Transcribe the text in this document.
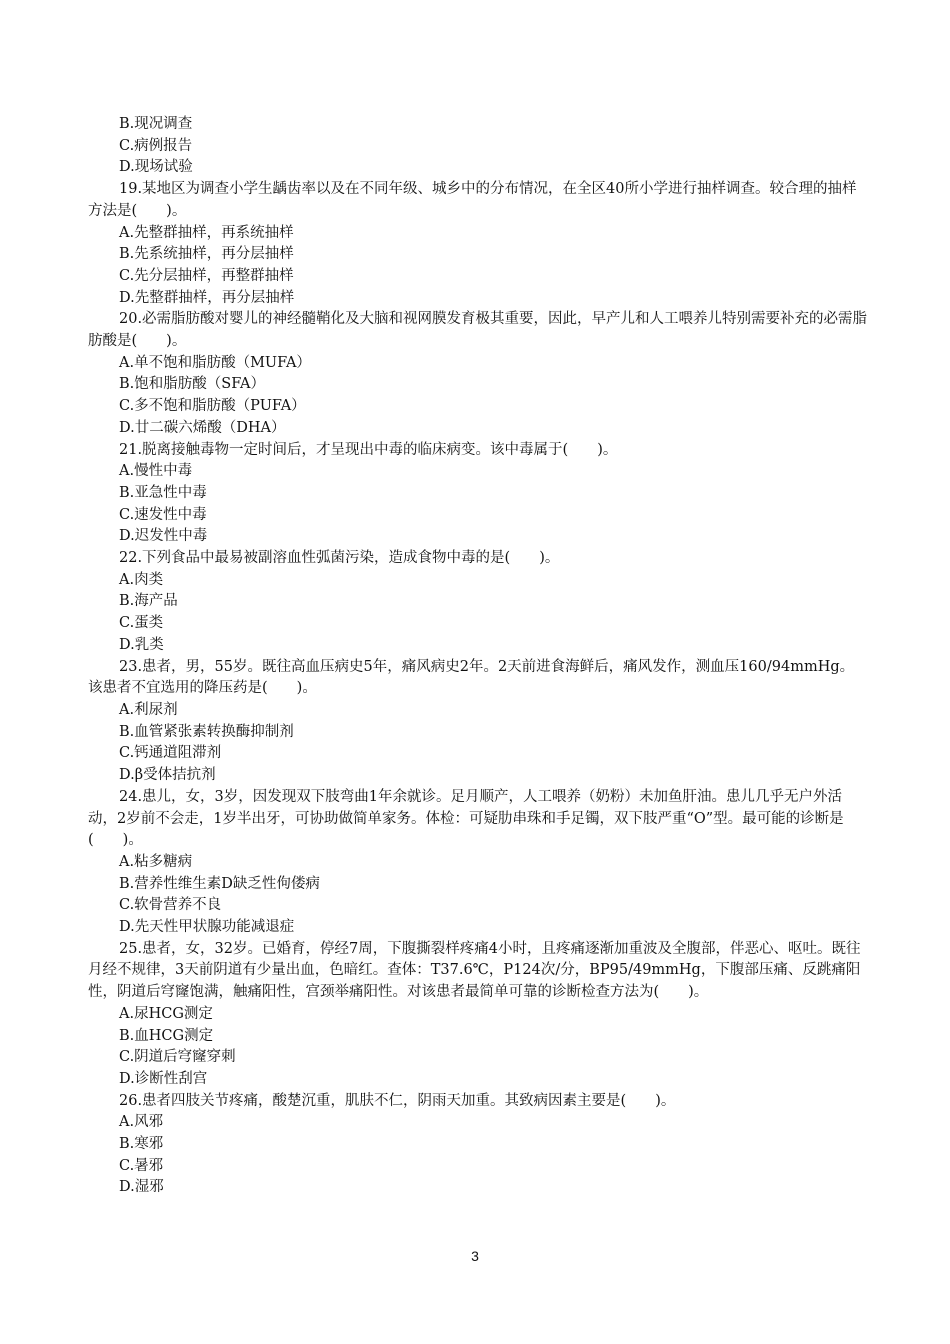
B.现况调查
C.病例报告
D.现场试验
19.某地区为调查小学生龋齿率以及在不同年级、城乡中的分布情况，在全区40所小学进行抽样调查。较合理的抽样方法是(　　)。
A.先整群抽样，再系统抽样
B.先系统抽样，再分层抽样
C.先分层抽样，再整群抽样
D.先整群抽样，再分层抽样
20.必需脂肪酸对婴儿的神经髓鞘化及大脑和视网膜发育极其重要，因此，早产儿和人工喂养儿特别需要补充的必需脂肪酸是(　　)。
A.单不饱和脂肪酸（MUFA）
B.饱和脂肪酸（SFA）
C.多不饱和脂肪酸（PUFA）
D.廿二碳六烯酸（DHA）
21.脱离接触毒物一定时间后，才呈现出中毒的临床病变。该中毒属于(　　)。
A.慢性中毒
B.亚急性中毒
C.速发性中毒
D.迟发性中毒
22.下列食品中最易被副溶血性弧菌污染，造成食物中毒的是(　　)。
A.肉类
B.海产品
C.蛋类
D.乳类
23.患者，男，55岁。既往高血压病史5年，痛风病史2年。2天前进食海鲜后，痛风发作，测血压160/94mmHg。该患者不宜选用的降压药是(　　)。
A.利尿剂
B.血管紧张素转换酶抑制剂
C.钙通道阻滞剂
D.β受体拮抗剂
24.患儿，女，3岁，因发现双下肢弯曲1年余就诊。足月顺产，人工喂养（奶粉）未加鱼肝油。患儿几乎无户外活动，2岁前不会走，1岁半出牙，可协助做简单家务。体检：可疑肋串珠和手足镯，双下肢严重“O”型。最可能的诊断是(　　)。
A.粘多糖病
B.营养性维生素D缺乏性佝偻病
C.软骨营养不良
D.先天性甲状腺功能减退症
25.患者，女，32岁。已婚育，停经7周，下腹撕裂样疼痛4小时，且疼痛逐渐加重波及全腹部，伴恶心、呕吐。既往月经不规律，3天前阴道有少量出血，色暗红。查体：T37.6℃，P124次/分，BP95/49mmHg，下腹部压痛、反跳痛阳性，阴道后穹窿饱满，触痛阳性，宫颈举痛阳性。对该患者最简单可靠的诊断检查方法为(　　)。
A.尿HCG测定
B.血HCG测定
C.阴道后穹窿穿刺
D.诊断性刮宫
26.患者四肢关节疼痛，酸楚沉重，肌肤不仁，阴雨天加重。其致病因素主要是(　　)。
A.风邪
B.寒邪
C.暑邪
D.湿邪
3
